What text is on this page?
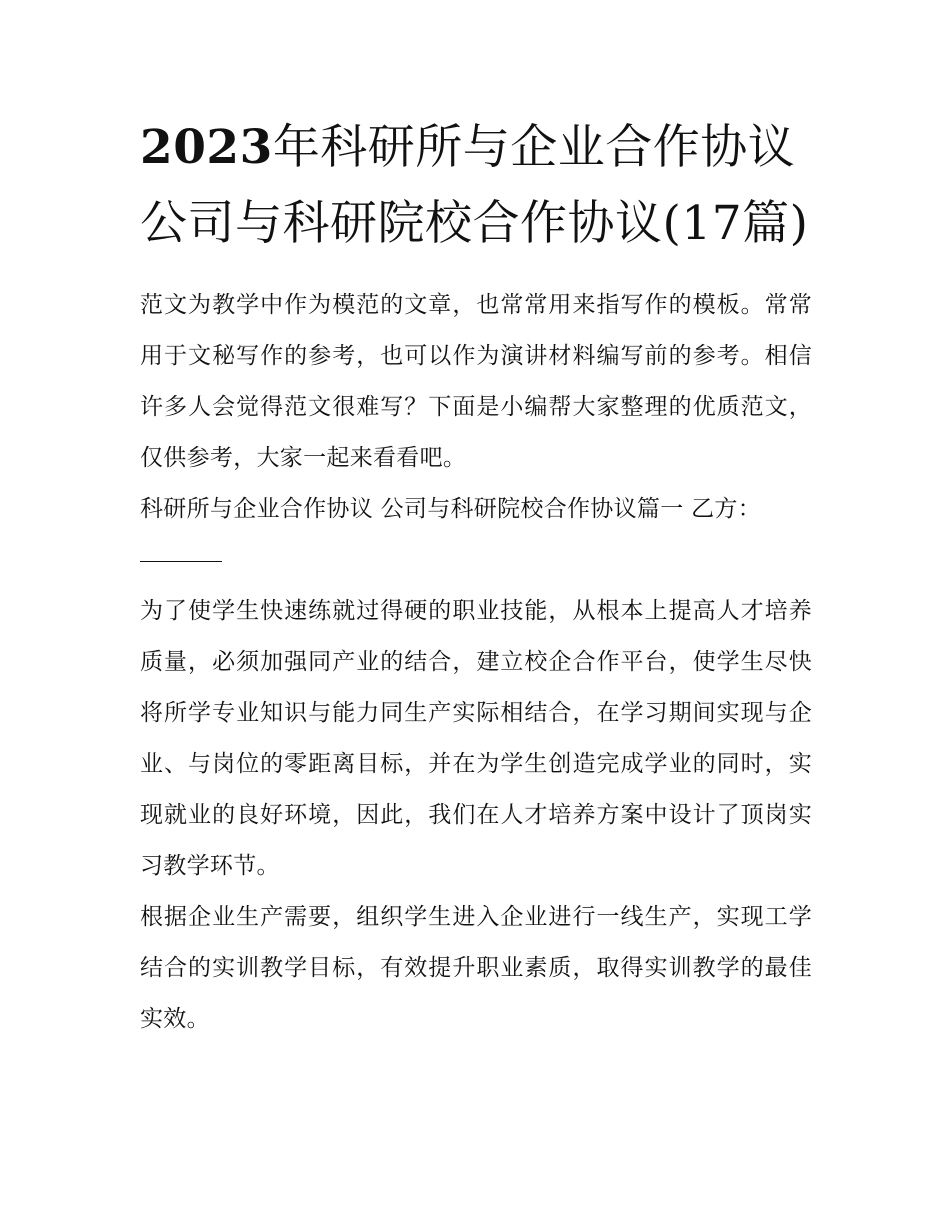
2023年科研所与企业合作协议公司与科研院校合作协议(17篇)

范文为教学中作为模范的文章，也常常用来指写作的模板。常常用于文秘写作的参考，也可以作为演讲材料编写前的参考。相信许多人会觉得范文很难写？下面是小编帮大家整理的优质范文，仅供参考，大家一起来看看吧。

科研所与企业合作协议 公司与科研院校合作协议篇一 乙方：

为了使学生快速练就过得硬的职业技能，从根本上提高人才培养质量，必须加强同产业的结合，建立校企合作平台，使学生尽快将所学专业知识与能力同生产实际相结合，在学习期间实现与企业、与岗位的零距离目标，并在为学生创造完成学业的同时，实现就业的良好环境，因此，我们在人才培养方案中设计了顶岗实习教学环节。

根据企业生产需要，组织学生进入企业进行一线生产，实现工学结合的实训教学目标，有效提升职业素质，取得实训教学的最佳实效。
